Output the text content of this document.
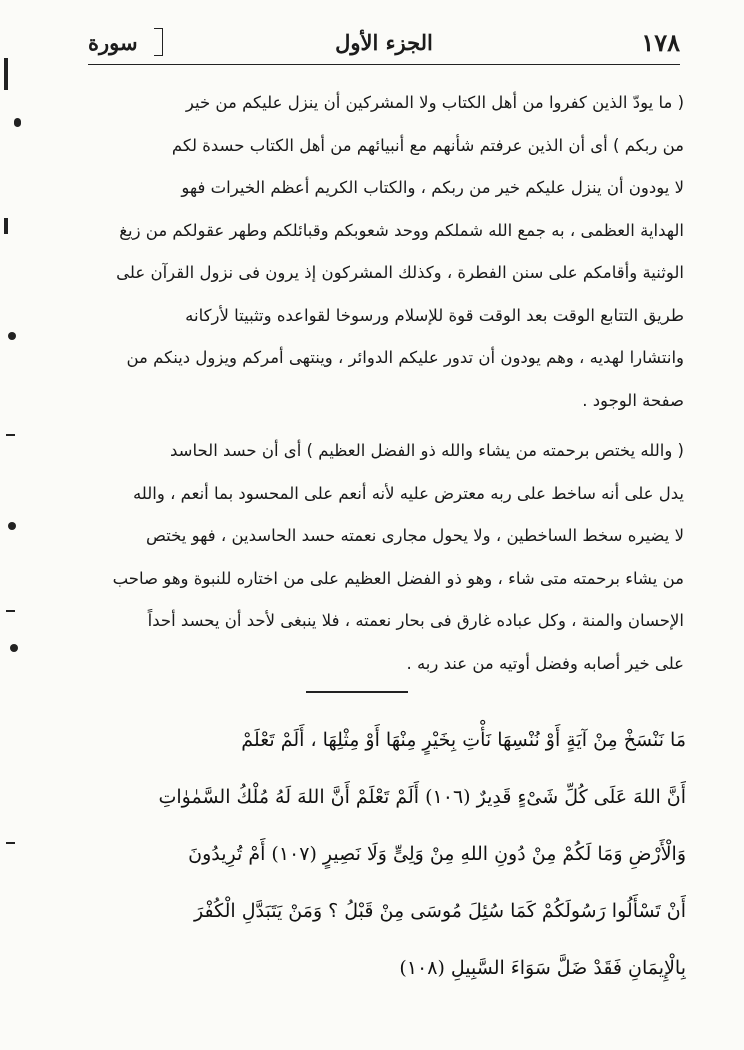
١٧٨
الجزء الأول
سورة
( ما يودّ الذين كفروا من أهل الكتاب ولا المشركين أن ينزل عليكم من خير
من ربكم ) أى أن الذين عرفتم شأنهم مع أنبيائهم من أهل الكتاب حسدة لكم
لا يودون أن ينزل عليكم خير من ربكم ، والكتاب الكريم أعظم الخيرات فهو
الهداية العظمى ، به جمع الله شملكم ووحد شعوبكم وقبائلكم وطهر عقولكم من زيغ
الوثنية وأقامكم على سنن الفطرة ، وكذلك المشركون إذ يرون فى نزول القرآن على
طريق التتابع الوقت بعد الوقت قوة للإسلام ورسوخا لقواعده وتثبيتا لأركانه
وانتشارا لهديه ، وهم يودون أن تدور عليكم الدوائر ، وينتهى أمركم ويزول دينكم من
صفحة الوجود .
( والله يختص برحمته من يشاء والله ذو الفضل العظيم ) أى أن حسد الحاسد
يدل على أنه ساخط على ربه معترض عليه لأنه أنعم على المحسود بما أنعم ، والله
لا يضيره سخط الساخطين ، ولا يحول مجارى نعمته حسد الحاسدين ، فهو يختص
من يشاء برحمته متى شاء ، وهو ذو الفضل العظيم على من اختاره للنبوة وهو صاحب
الإحسان والمنة ، وكل عباده غارق فى بحار نعمته ، فلا ينبغى لأحد أن يحسد أحداً
على خير أصابه وفضل أوتيه من عند ربه .
مَا نَنْسَخْ مِنْ آيَةٍ أَوْ نُنْسِهَا نَأْتِ بِخَيْرٍ مِنْهَا أَوْ مِثْلِهَا ، أَلَمْ تَعْلَمْ
أَنَّ اللهَ عَلَى كُلِّ شَىْءٍ قَدِيرٌ (١٠٦) أَلَمْ تَعْلَمْ أَنَّ اللهَ لَهُ مُلْكُ السَّمٰوٰاتِ
وَالْأَرْضِ وَمَا لَكُمْ مِنْ دُونِ اللهِ مِنْ وَلِىٍّ وَلَا نَصِيرٍ (١٠٧) أَمْ تُرِيدُونَ
أَنْ تَسْأَلُوا رَسُولَكُمْ كَمَا سُئِلَ مُوسَى مِنْ قَبْلُ ؟ وَمَنْ يَتَبَدَّلِ الْكُفْرَ
بِالْإِيمَانِ فَقَدْ ضَلَّ سَوَاءَ السَّبِيلِ (١٠٨)
